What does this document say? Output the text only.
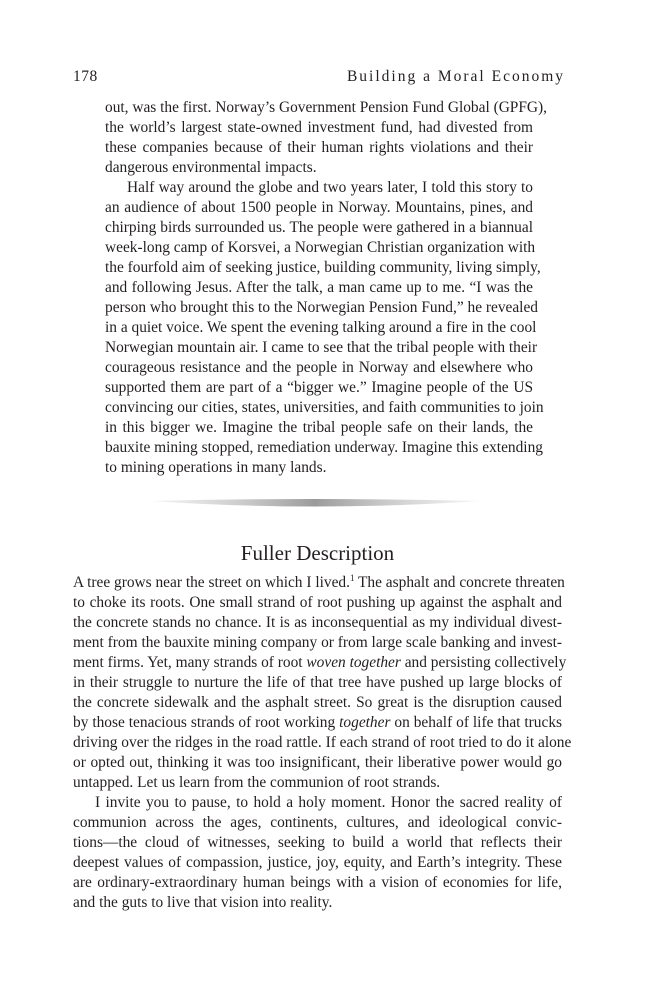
178	Building a Moral Economy
out, was the first. Norway’s Government Pension Fund Global (GPFG),
the world’s largest state-owned investment fund, had divested from
these companies because of their human rights violations and their
dangerous environmental impacts.
Half way around the globe and two years later, I told this story to
an audience of about 1500 people in Norway. Mountains, pines, and
chirping birds surrounded us. The people were gathered in a biannual
week-long camp of Korsvei, a Norwegian Christian organization with
the fourfold aim of seeking justice, building community, living simply,
and following Jesus. After the talk, a man came up to me. “I was the
person who brought this to the Norwegian Pension Fund,” he revealed
in a quiet voice. We spent the evening talking around a fire in the cool
Norwegian mountain air. I came to see that the tribal people with their
courageous resistance and the people in Norway and elsewhere who
supported them are part of a “bigger we.” Imagine people of the US
convincing our cities, states, universities, and faith communities to join
in this bigger we. Imagine the tribal people safe on their lands, the
bauxite mining stopped, remediation underway. Imagine this extending
to mining operations in many lands.
Fuller Description
A tree grows near the street on which I lived.$^1$ The asphalt and concrete threaten
to choke its roots. One small strand of root pushing up against the asphalt and
the concrete stands no chance. It is as inconsequential as my individual divest-
ment from the bauxite mining company or from large scale banking and invest-
ment firms. Yet, many strands of root woven together and persisting collectively
in their struggle to nurture the life of that tree have pushed up large blocks of
the concrete sidewalk and the asphalt street. So great is the disruption caused
by those tenacious strands of root working together on behalf of life that trucks
driving over the ridges in the road rattle. If each strand of root tried to do it alone
or opted out, thinking it was too insignificant, their liberative power would go
untapped. Let us learn from the communion of root strands.
I invite you to pause, to hold a holy moment. Honor the sacred reality of
communion across the ages, continents, cultures, and ideological convic-
tions—the cloud of witnesses, seeking to build a world that reflects their
deepest values of compassion, justice, joy, equity, and Earth’s integrity. These
are ordinary-extraordinary human beings with a vision of economies for life,
and the guts to live that vision into reality.
